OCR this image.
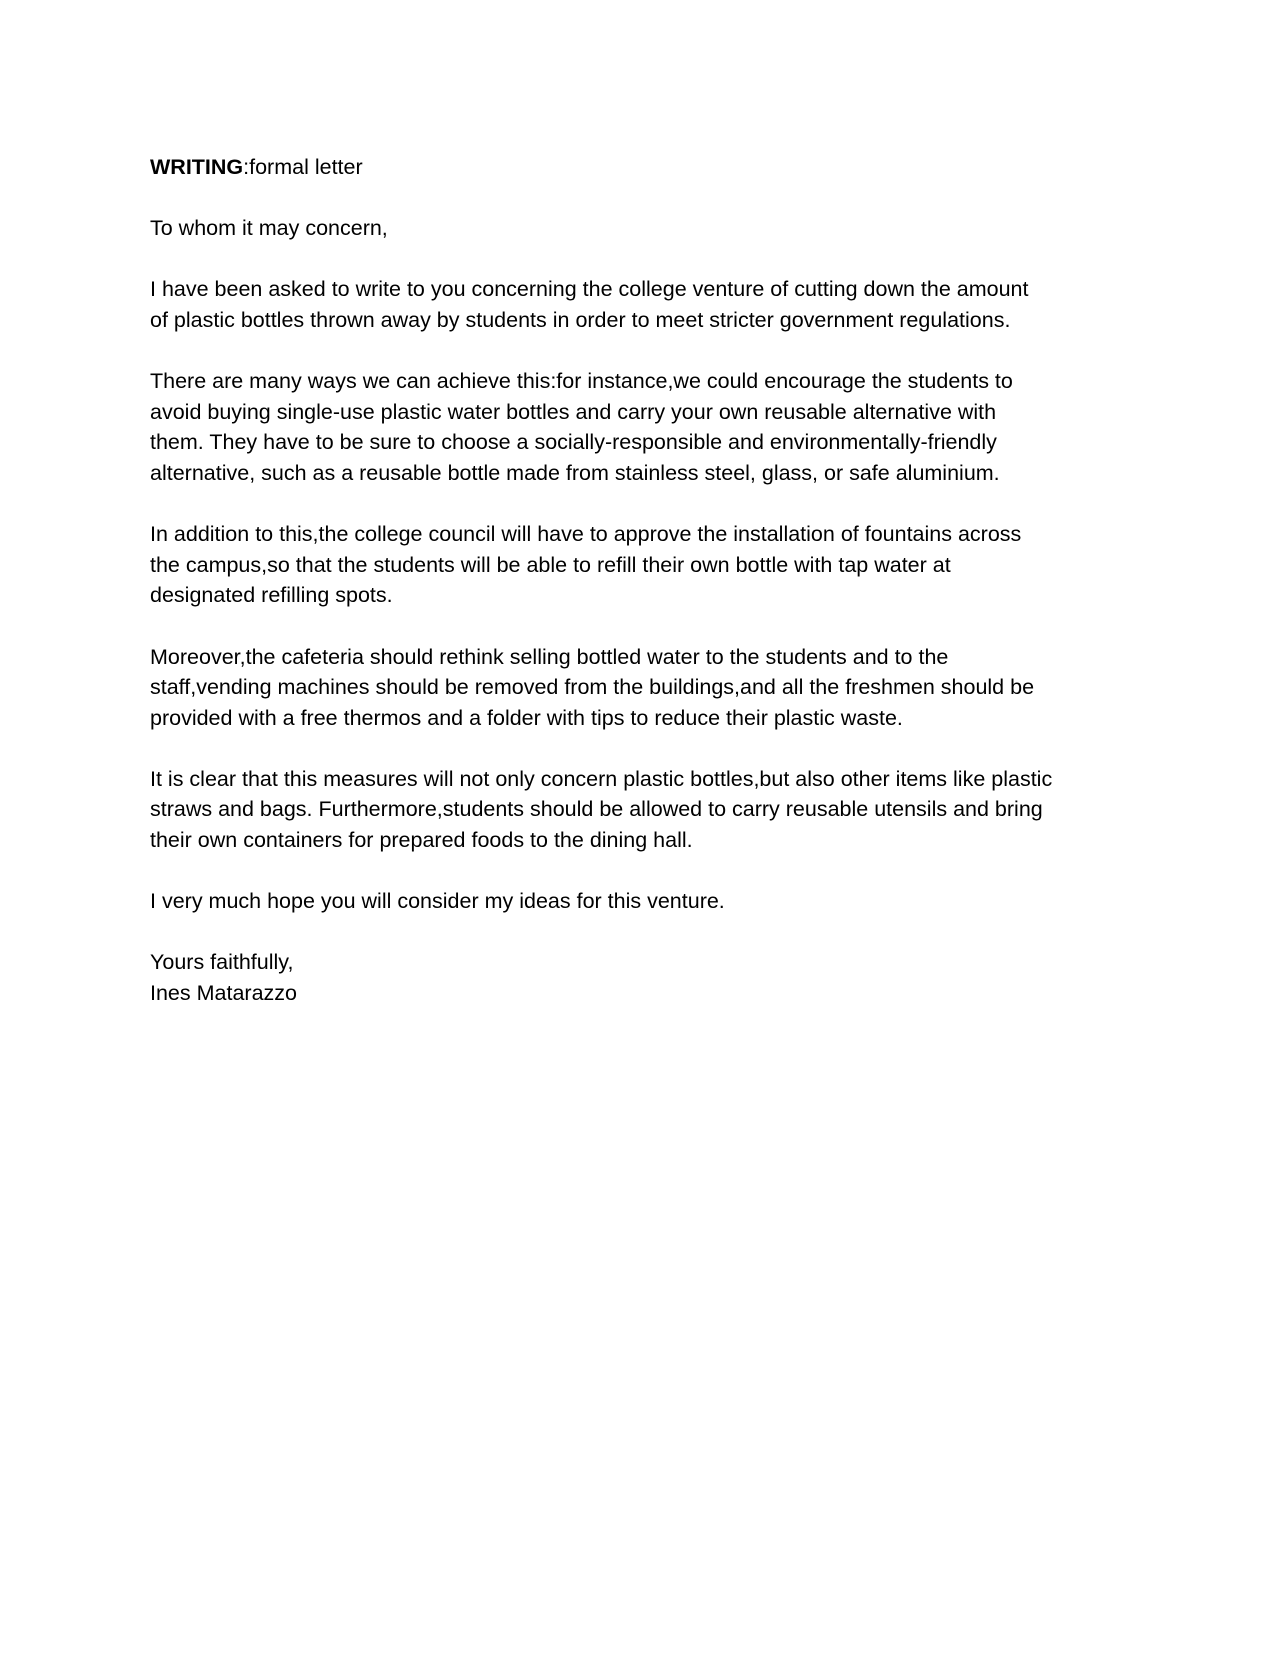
WRITING:formal letter

To whom it may concern,

I have been asked to write to you concerning the college venture of cutting down the amount
of plastic bottles thrown away by students in order to meet stricter government regulations.

There are many ways we can achieve this:for instance,we could encourage the students to
avoid buying single-use plastic water bottles and carry your own reusable alternative with
them. They have to be sure to choose a socially-responsible and environmentally-friendly
alternative, such as a reusable bottle made from stainless steel, glass, or safe aluminium.

In addition to this,the college council will have to approve the installation of fountains across
the campus,so that the students will be able to refill their own bottle with tap water at
designated refilling spots.

Moreover,the cafeteria should rethink selling bottled water to the students and to the
staff,vending machines should be removed from the buildings,and all the freshmen should be
provided with a free thermos and a folder with tips to reduce their plastic waste.

It is clear that this measures will not only concern plastic bottles,but also other items like plastic
straws and bags. Furthermore,students should be allowed to carry reusable utensils and bring
their own containers for prepared foods to the dining hall.

I very much hope you will consider my ideas for this venture.

Yours faithfully,
Ines Matarazzo
